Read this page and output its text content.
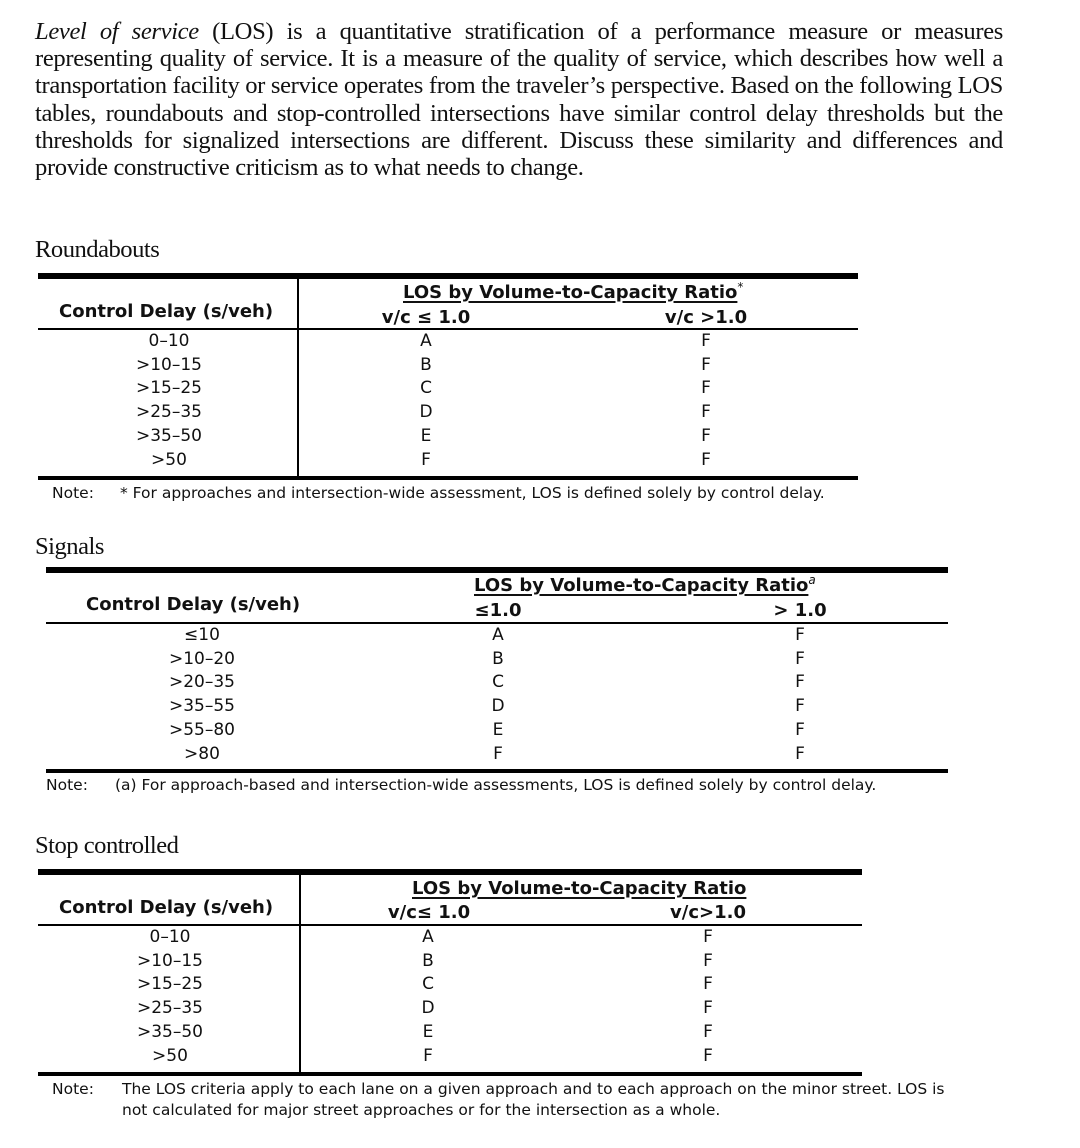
Level of service (LOS) is a quantitative stratification of a performance measure or measures representing quality of service. It is a measure of the quality of service, which describes how well a transportation facility or service operates from the traveler’s perspective. Based on the following LOS tables, roundabouts and stop-controlled intersections have similar control delay thresholds but the thresholds for signalized intersections are different. Discuss these similarity and differences and provide constructive criticism as to what needs to change.

Roundabouts
Control Delay (s/veh)
LOS by Volume-to-Capacity Ratio*
v/c ≤ 1.0	v/c >1.0
0–10	A	F
>10–15	B	F
>15–25	C	F
>25–35	D	F
>35–50	E	F
>50	F	F
Note: * For approaches and intersection-wide assessment, LOS is defined solely by control delay.
Signals
Control Delay (s/veh)
LOS by Volume-to-Capacity Ratio$^a$
≤1.0	> 1.0
≤10	A	F
>10–20	B	F
>20–35	C	F
>35–55	D	F
>55–80	E	F
>80	F	F
Note: (a) For approach-based and intersection-wide assessments, LOS is defined solely by control delay.
Stop controlled
Control Delay (s/veh)
LOS by Volume-to-Capacity Ratio
v/c≤ 1.0	v/c>1.0
0–10	A	F
>10–15	B	F
>15–25	C	F
>25–35	D	F
>35–50	E	F
>50	F	F
Note: The LOS criteria apply to each lane on a given approach and to each approach on the minor street. LOS is
not calculated for major street approaches or for the intersection as a whole.
